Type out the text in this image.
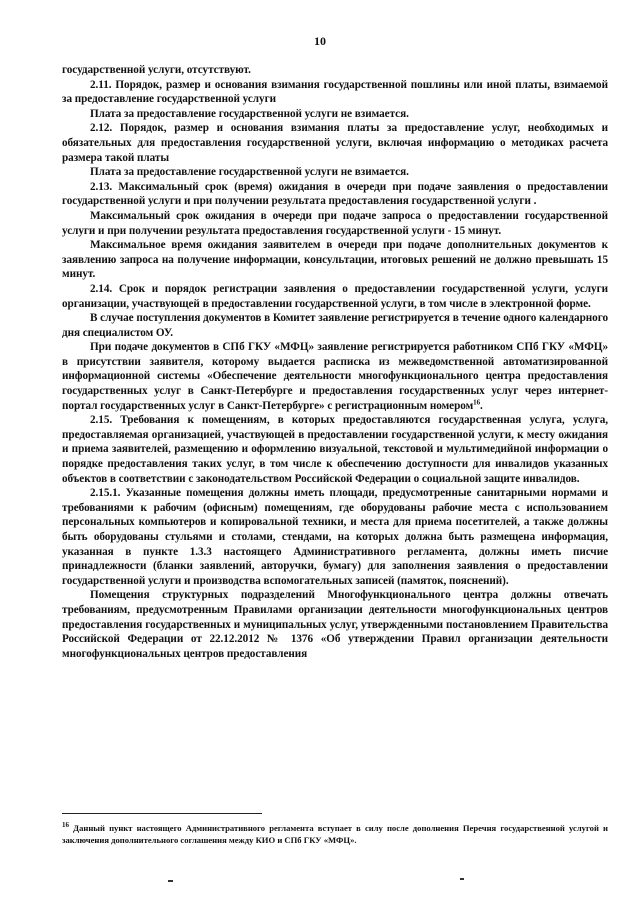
10

государственной услуги, отсутствуют.

2.11. Порядок, размер и основания взимания государственной пошлины или иной платы, взимаемой за предоставление государственной услуги

Плата за предоставление государственной услуги не взимается.

2.12. Порядок, размер и основания взимания платы за предоставление услуг, необходимых и обязательных для предоставления государственной услуги, включая информацию о методиках расчета размера такой платы

Плата за предоставление государственной услуги не взимается.

2.13. Максимальный срок (время) ожидания в очереди при подаче заявления о предоставлении государственной услуги и при получении результата предоставления государственной услуги .

Максимальный срок ожидания в очереди при подаче запроса о предоставлении государственной услуги и при получении результата предоставления государственной услуги - 15 минут.

Максимальное время ожидания заявителем в очереди при подаче дополнительных документов к заявлению запроса на получение информации, консультации, итоговых решений не должно превышать 15 минут.

2.14. Срок и порядок регистрации заявления о предоставлении государственной услуги, услуги организации, участвующей в предоставлении государственной услуги, в том числе в электронной форме.

В случае поступления документов в Комитет заявление регистрируется в течение одного календарного дня специалистом ОУ.

При подаче документов в СПб ГКУ «МФЦ» заявление регистрируется работником СПб ГКУ «МФЦ» в присутствии заявителя, которому выдается расписка из межведомственной автоматизированной информационной системы «Обеспечение деятельности многофункционального центра предоставления государственных услуг в Санкт-Петербурге и предоставления государственных услуг через интернет-портал государственных услуг в Санкт-Петербурге» с регистрационным номером$^{16}$.

2.15. Требования к помещениям, в которых предоставляются государственная услуга, услуга, предоставляемая организацией, участвующей в предоставлении государственной услуги, к месту ожидания и приема заявителей, размещению и оформлению визуальной, текстовой и мультимедийной информации о порядке предоставления таких услуг, в том числе к обеспечению доступности для инвалидов указанных объектов в соответствии с законодательством Российской Федерации о социальной защите инвалидов.

2.15.1. Указанные помещения должны иметь площади, предусмотренные санитарными нормами и требованиями к рабочим (офисным) помещениям, где оборудованы рабочие места с использованием персональных компьютеров и копировальной техники, и места для приема посетителей, а также должны быть оборудованы стульями и столами, стендами, на которых должна быть размещена информация, указанная в пункте 1.3.3 настоящего Административного регламента, должны иметь писчие принадлежности (бланки заявлений, авторучки, бумагу) для заполнения заявления о предоставлении государственной услуги и производства вспомогательных записей (памяток, пояснений).

Помещения структурных подразделений Многофункционального центра должны отвечать требованиям, предусмотренным Правилами организации деятельности многофункциональных центров предоставления государственных и муниципальных услуг, утвержденными постановлением Правительства Российской Федерации от 22.12.2012 № 1376 «Об утверждении Правил организации деятельности многофункциональных центров предоставления

$^{16}$ Данный пункт настоящего Административного регламента вступает в силу после дополнения Перечня государственной услугой и заключения дополнительного соглашения между КИО и СПб ГКУ «МФЦ».
